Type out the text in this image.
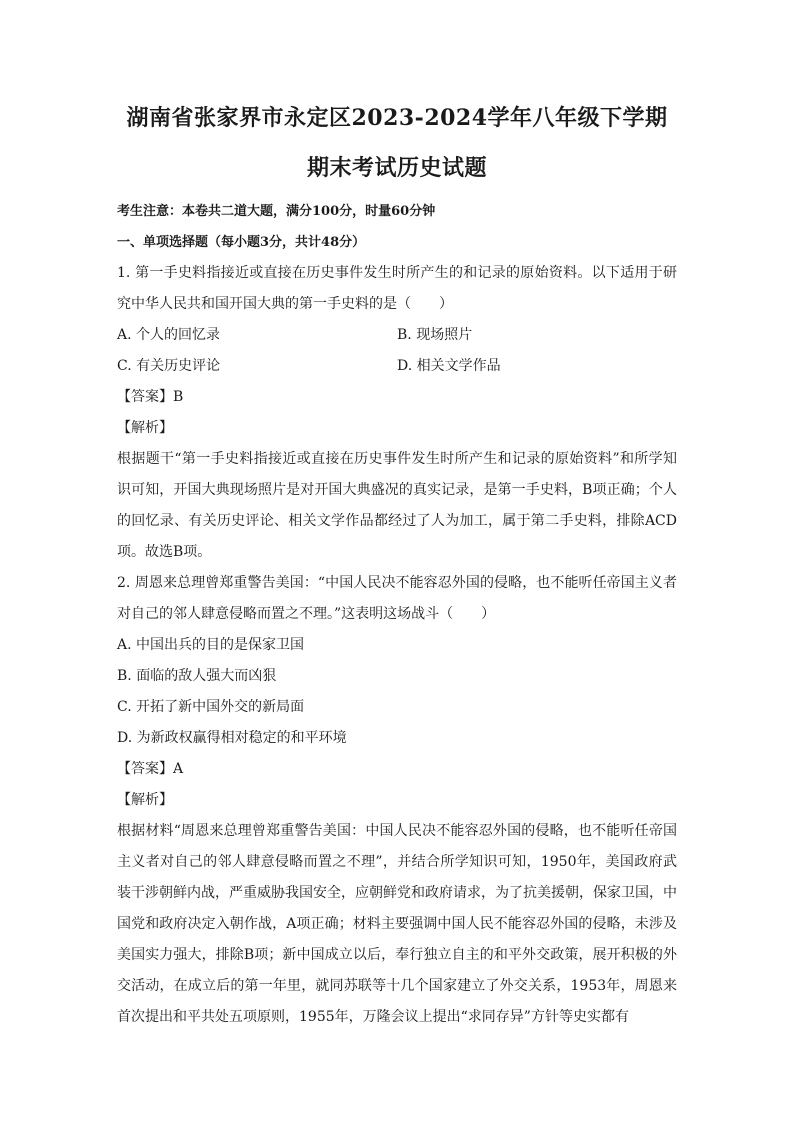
湖南省张家界市永定区2023-2024学年八年级下学期
期末考试历史试题
考生注意：本卷共二道大题，满分100分，时量60分钟
一、单项选择题（每小题3分，共计48分）
1. 第一手史料指接近或直接在历史事件发生时所产生的和记录的原始资料。以下适用于研究中华人民共和国开国大典的第一手史料的是（　　）
A. 个人的回忆录	B. 现场照片
C. 有关历史评论	D. 相关文学作品
【答案】B
【解析】
根据题干“第一手史料指接近或直接在历史事件发生时所产生和记录的原始资料”和所学知识可知，开国大典现场照片是对开国大典盛况的真实记录，是第一手史料，B项正确；个人的回忆录、有关历史评论、相关文学作品都经过了人为加工，属于第二手史料，排除ACD项。故选B项。
2. 周恩来总理曾郑重警告美国：“中国人民决不能容忍外国的侵略，也不能听任帝国主义者对自己的邻人肆意侵略而置之不理。”这表明这场战斗（　　）
A. 中国出兵的目的是保家卫国
B. 面临的敌人强大而凶狠
C. 开拓了新中国外交的新局面
D. 为新政权赢得相对稳定的和平环境
【答案】A
【解析】
根据材料“周恩来总理曾郑重警告美国：中国人民决不能容忍外国的侵略，也不能听任帝国主义者对自己的邻人肆意侵略而置之不理”，并结合所学知识可知，1950年，美国政府武装干涉朝鲜内战，严重威胁我国安全，应朝鲜党和政府请求，为了抗美援朝，保家卫国，中国党和政府决定入朝作战，A项正确；材料主要强调中国人民不能容忍外国的侵略，未涉及美国实力强大，排除B项；新中国成立以后，奉行独立自主的和平外交政策，展开积极的外交活动，在成立后的第一年里，就同苏联等十几个国家建立了外交关系，1953年，周恩来首次提出和平共处五项原则，1955年，万隆会议上提出“求同存异”方针等史实都有
